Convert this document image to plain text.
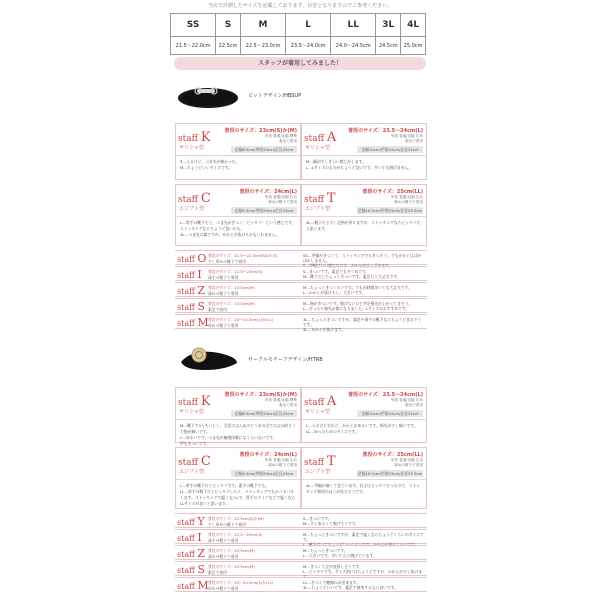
当店で計測したサイズを記載しております。目安となりますのでご参考ください。
SS	S	M	L	LL	3L	4L
21.5〜22.0cm	22.5cm	22.5〜23.0cm	23.5〜24.0cm	24.0〜24.5cm	24.5cm	25.0cm
スタッフが着用してみました！
ビットデザイン/HBSUP
staff K
ギリシャ型
普段のサイズ：23cm(S)か(M)
甲高 普通/足幅 標準
素足で着用
足幅8.5cm/甲囲20cm/足長22cm

S…入るけど、つま先が痛かった。

M…ちょうどいいサイズです。

staff A
ギリシャ型
普段のサイズ：23.5〜24cm(L)
甲高 普通/足幅 広め
素足で着用
足幅10cm/甲囲22cm/足長22cm

M…幅が少しきつい感じがします。

L…Lサイズのものがちょうど良いです。歩いても脱げません。

staff C
エジプト型
普段のサイズ：24cm(L)
甲高 普通/足幅 広め
薄めの靴下で着用
足幅9.5cm/甲囲20cm/足長23cm

L…厚手の靴下だと、つま先がきつく、ピッタリ！という感じです。ストッキングならちょうど良いかも。

3L…つま先は楽ですが、かかとが抜けるかもしれません。

staff T
エジプト型
普段のサイズ：25cm(LL)
甲高 普通/足幅 広め
薄めの靴下で着用
足幅10.5cm/甲囲23cm/足長23.5cm

4L…靴下だと少し足指が余りますが、ストッキングならピッタリだと思います。

staff O 普段のサイズ：21.5〜22.5cm(SS)か(S)
少し厚めの靴下で着用
SS…甲幅がきつくて、ストッキングでもきつそう。でもかかとはぱかぱかしません。
S…甲幅はいい感じだけど、かかとが少し浮きます。
staff I 普段のサイズ：22.5〜23cm(S)
薄手の靴下で着用
S…きついです。素足でもキツめです。
M…靴下だとちょっときついです。素足だと大丈夫です。
staff Z 普段のサイズ：23.5cm(M)
薄めの靴下で着用
M…ちょっときつくらいです。でも長時間歩いても大丈夫です。
L…かかとが抜けるし、大きいです。
staff S 普段のサイズ：23.5cm(M)
素足で着用
M…指がきついです。脱げないけど共足指先が上がってきそう。
L…ぴったり指先が楽になりました。Lサイズがおすすめです。
staff M 普段のサイズ：24〜24.5cm(L)か(LL)
厚めの靴下で着用
3L…ちょっときついですが、素足や薄手の靴下ならちょうど良さそうです。
4L…かかとが抜けます。
サークルモチーフデザイン/HTRB
staff K
ギリシャ型
普段のサイズ：23cm(S)か(M)
甲高 普通/足幅 標準
素足で着用
足幅8.5cm/甲囲20cm/足長22cm

M…靴下で3人ろいとし、全足のぶんぬのどうあの全てのぶみ的そうで指が痛いです。

L…ゆるいです。つま先が痛感体験になくらいないです。

甲もきついです。

staff A
ギリシャ型
普段のサイズ：23.5〜24cm(L)
甲高 普通/足幅 広め
素足で着用
足幅10cm/甲囲22cm/足長22cm

L…入るけどおれど、かかとがゆるいです。指先が少し痛いです。

LL…ゆったりめのサイズです。

staff C
エジプト型
普段のサイズ：24cm(L)
甲高 普通/足幅 広め
薄めの靴下で着用
足幅9.5cm/甲囲20cm/足長23cm

L…厚手の靴下だとピッタリです。素手の靴下でも。

LL…厚手の靴下だとピッタリしたり、ストッキングでもかパカパカします。ストッキングで履くならLで、厚手のタイツなどで履くならLLサイズが良いと思います。

staff T
エジプト型
普段のサイズ：25cm(LL)
甲高 普通/足幅 広め
薄めの靴下で着用
足幅10.5cm/甲囲23cm/足長23.5cm

4L…甲幅が痛くて見ています。長さはピッタリだったので、ストッキング着用のほうが良さそうです。

staff Y 普段のサイズ：22.5cm(S)か(M)
少し厚めの靴下で着用
S…きついです。
M…少しゆるくて脱げそうです。
staff I 普段のサイズ：22.5〜23cm(S)
薄手の靴下で着用
M…ちょっときついですが、素足で履くならちょうどくらいのサイズです。
L…靴下はいてちょうどいいくらいです。かかとが余るくらいです。
staff Z 普段のサイズ：23.5cm(M)
薄めの靴下で着用
M…ちょっときついです。
L…大きいです。歩いてたら脱げています。
staff S 普段のサイズ：23.5cm(M)
素足で着用
M…きつくて足が変形しそうです。
L…ピッタリです。サイズ的にはちょうどですが、かかとが少し抜けます。
staff M 普段のサイズ：24〜24.5cm(L)か(LL)
厚めの靴下で着用
LL…きつくて靴擦れが出来ます。
3L…ちょうどいいです。素足で着用するなら良いです。
